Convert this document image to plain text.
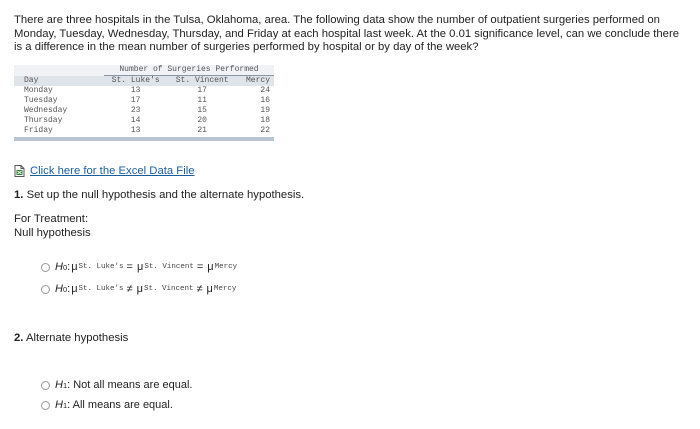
There are three hospitals in the Tulsa, Oklahoma, area. The following data show the number of outpatient surgeries performed on Monday, Tuesday, Wednesday, Thursday, and Friday at each hospital last week. At the 0.01 significance level, can we conclude there is a difference in the mean number of surgeries performed by hospital or by day of the week?
	Number of Surgeries Performed		
Day	St. Luke's	St. Vincent	Mercy
Monday	13	17	24
Tuesday	17	11	16
Wednesday	23	15	19
Thursday	14	20	18
Friday	13	21	22
Click here for the Excel Data File
1. Set up the null hypothesis and the alternate hypothesis.
For Treatment:
Null hypothesis
H 0 : μ St. Luke's = μ St. Vincent = μ Mercy
H 0 : μ St. Luke's ≠ μ St. Vincent ≠ μ Mercy
2. Alternate hypothesis
H 1 : Not all means are equal.
H 1 : All means are equal.
